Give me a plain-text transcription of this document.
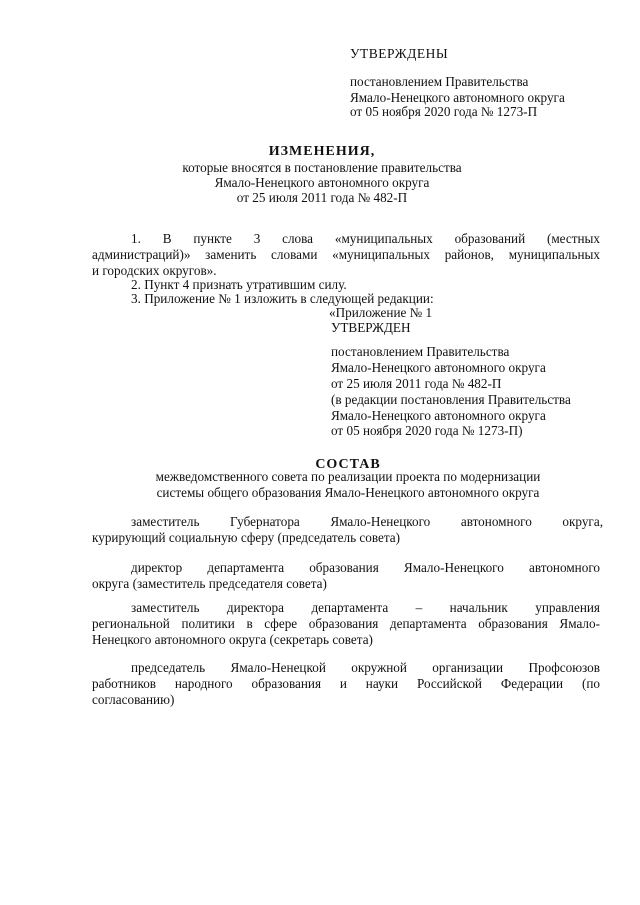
УТВЕРЖДЕНЫ
постановлением Правительства
Ямало-Ненецкого автономного округа
от 05 ноября 2020 года № 1273-П
ИЗМЕНЕНИЯ,
которые вносятся в постановление правительства
Ямало-Ненецкого автономного округа
от 25 июля 2011 года № 482-П
1. В пункте 3 слова «муниципальных образований (местных
администраций)» заменить словами «муниципальных районов, муниципальных
и городских округов».
2. Пункт 4 признать утратившим силу.
3. Приложение № 1 изложить в следующей редакции:
«Приложение № 1
УТВЕРЖДЕН
постановлением Правительства
Ямало-Ненецкого автономного округа
от 25 июля 2011 года № 482-П
(в редакции постановления Правительства
Ямало-Ненецкого автономного округа
от 05 ноября 2020 года № 1273-П)
СОСТАВ
межведомственного совета по реализации проекта по модернизации
системы общего образования Ямало-Ненецкого автономного округа
заместитель Губернатора Ямало-Ненецкого автономного округа,
курирующий социальную сферу (председатель совета)
директор департамента образования Ямало-Ненецкого автономного
округа (заместитель председателя совета)
заместитель директора департамента – начальник управления
региональной политики в сфере образования департамента образования Ямало-
Ненецкого автономного округа (секретарь совета)
председатель Ямало-Ненецкой окружной организации Профсоюзов
работников народного образования и науки Российской Федерации (по
согласованию)
